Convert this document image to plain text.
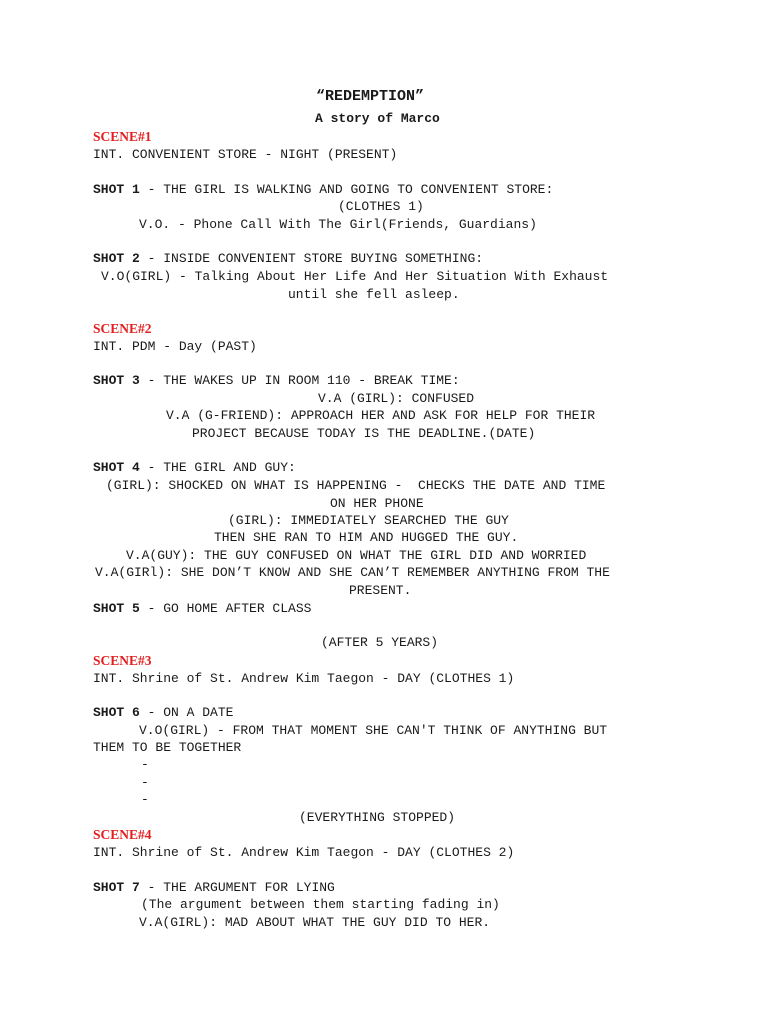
“REDEMPTION”
A story of Marco
SCENE#1
INT. CONVENIENT STORE - NIGHT (PRESENT)
SHOT 1 - THE GIRL IS WALKING AND GOING TO CONVENIENT STORE:
(CLOTHES 1)
V.O. - Phone Call With The Girl(Friends, Guardians)
SHOT 2 - INSIDE CONVENIENT STORE BUYING SOMETHING:
V.O(GIRL) - Talking About Her Life And Her Situation With Exhaust
until she fell asleep.
SCENE#2
INT. PDM - Day (PAST)
SHOT 3 - THE WAKES UP IN ROOM 110 - BREAK TIME:
V.A (GIRL): CONFUSED
V.A (G-FRIEND): APPROACH HER AND ASK FOR HELP FOR THEIR
PROJECT BECAUSE TODAY IS THE DEADLINE.(DATE)
SHOT 4 - THE GIRL AND GUY:
(GIRL): SHOCKED ON WHAT IS HAPPENING -  CHECKS THE DATE AND TIME
ON HER PHONE
(GIRL): IMMEDIATELY SEARCHED THE GUY
THEN SHE RAN TO HIM AND HUGGED THE GUY.
V.A(GUY): THE GUY CONFUSED ON WHAT THE GIRL DID AND WORRIED
V.A(GIRl): SHE DON’T KNOW AND SHE CAN’T REMEMBER ANYTHING FROM THE
PRESENT.
SHOT 5 - GO HOME AFTER CLASS
(AFTER 5 YEARS)
SCENE#3
INT. Shrine of St. Andrew Kim Taegon - DAY (CLOTHES 1)
SHOT 6 - ON A DATE
V.O(GIRL) - FROM THAT MOMENT SHE CAN'T THINK OF ANYTHING BUT
THEM TO BE TOGETHER
-
-
-
(EVERYTHING STOPPED)
SCENE#4
INT. Shrine of St. Andrew Kim Taegon - DAY (CLOTHES 2)
SHOT 7 - THE ARGUMENT FOR LYING
(The argument between them starting fading in)
V.A(GIRL): MAD ABOUT WHAT THE GUY DID TO HER.
